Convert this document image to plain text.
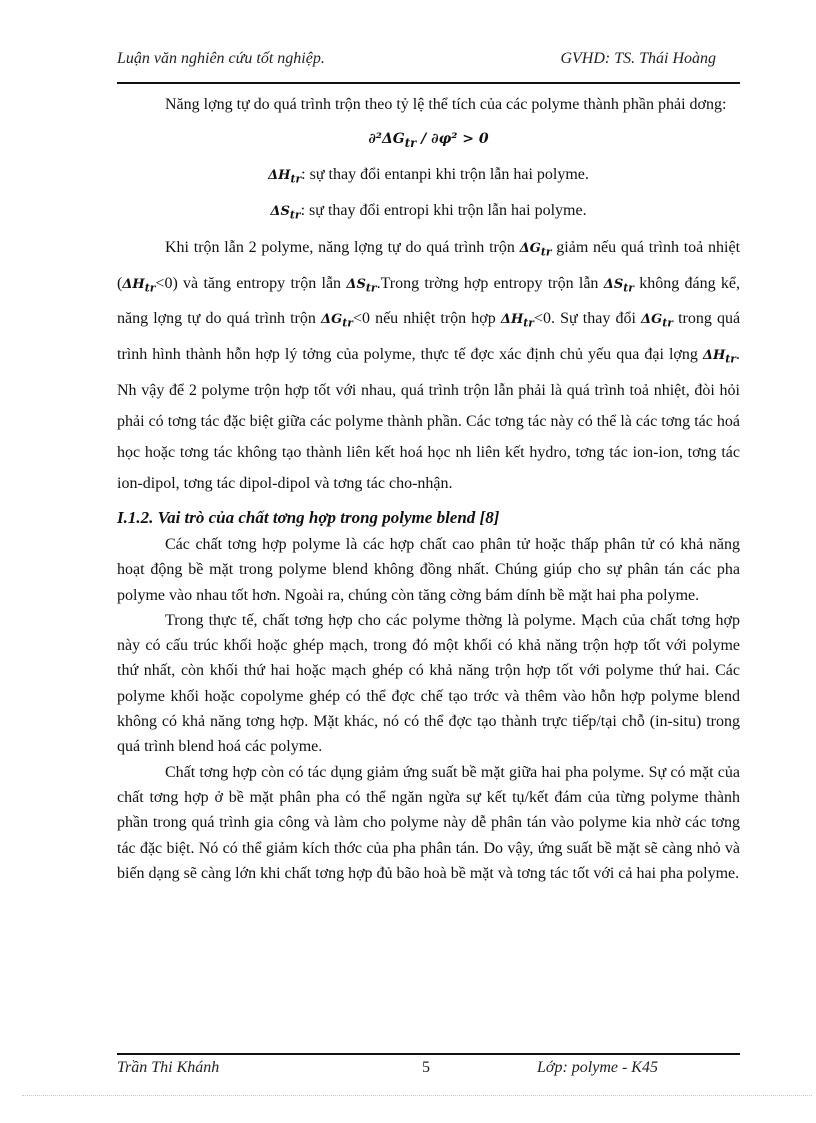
Luận văn nghiên cứu tốt nghiệp.	GVHD: TS. Thái Hoàng

Năng lợng tự do quá trình trộn theo tỷ lệ thể tích của các polyme thành phần phải dơng:

$\partial^2\Delta G_{tr} / \partial\varphi^2 > 0$

$\Delta H_{tr}$: sự thay đổi entanpi khi trộn lẫn hai polyme.

$\Delta S_{tr}$: sự thay đổi entropi khi trộn lẫn hai polyme.

Khi trộn lẫn 2 polyme, năng lợng tự do quá trình trộn $\Delta G_{tr}$ giảm nếu quá trình toả nhiệt $(\Delta H_{tr}<0)$ và tăng entropy trộn lẫn $\Delta S_{tr}.Trong$ trờng hợp entropy trộn lẫn $\Delta S_{tr}$ không đáng kể, năng lợng tự do quá trình trộn $\Delta G_{tr}<0$ nếu nhiệt trộn hợp $\Delta H_{tr}<0$. Sự thay đổi $\Delta G_{tr}$ trong quá trình hình thành hỗn hợp lý tởng của polyme, thực tế đợc xác định chủ yếu qua đại lợng $\Delta H_{tr}$. Nh vậy để 2 polyme trộn hợp tốt với nhau, quá trình trộn lẫn phải là quá trình toả nhiệt, đòi hỏi phải có tơng tác đặc biệt giữa các polyme thành phần. Các tơng tác này có thể là các tơng tác hoá học hoặc tơng tác không tạo thành liên kết hoá học nh liên kết hydro, tơng tác ion-ion, tơng tác ion-dipol, tơng tác dipol-dipol và tơng tác cho-nhận.

I.1.2. Vai trò của chất tơng hợp trong polyme blend [8]

Các chất tơng hợp polyme là các hợp chất cao phân tử hoặc thấp phân tử có khả năng hoạt động bề mặt trong polyme blend không đồng nhất. Chúng giúp cho sự phân tán các pha polyme vào nhau tốt hơn. Ngoài ra, chúng còn tăng cờng bám dính bề mặt hai pha polyme.

Trong thực tế, chất tơng hợp cho các polyme thờng là polyme. Mạch của chất tơng hợp này có cấu trúc khối hoặc ghép mạch, trong đó một khối có khả năng trộn hợp tốt với polyme thứ nhất, còn khối thứ hai hoặc mạch ghép có khả năng trộn hợp tốt với polyme thứ hai. Các polyme khối hoặc copolyme ghép có thể đợc chế tạo trớc và thêm vào hỗn hợp polyme blend không có khả năng tơng hợp. Mặt khác, nó có thể đợc tạo thành trực tiếp/tại chỗ (in-situ) trong quá trình blend hoá các polyme.

Chất tơng hợp còn có tác dụng giảm ứng suất bề mặt giữa hai pha polyme. Sự có mặt của chất tơng hợp ở bề mặt phân pha có thể ngăn ngừa sự kết tụ/kết đám của từng polyme thành phần trong quá trình gia công và làm cho polyme này dễ phân tán vào polyme kia nhờ các tơng tác đặc biệt. Nó có thể giảm kích thớc của pha phân tán. Do vậy, ứng suất bề mặt sẽ càng nhỏ và biến dạng sẽ càng lớn khi chất tơng hợp đủ bão hoà bề mặt và tơng tác tốt với cả hai pha polyme.

Trần Thi Khánh	5	Lớp: polyme - K45
